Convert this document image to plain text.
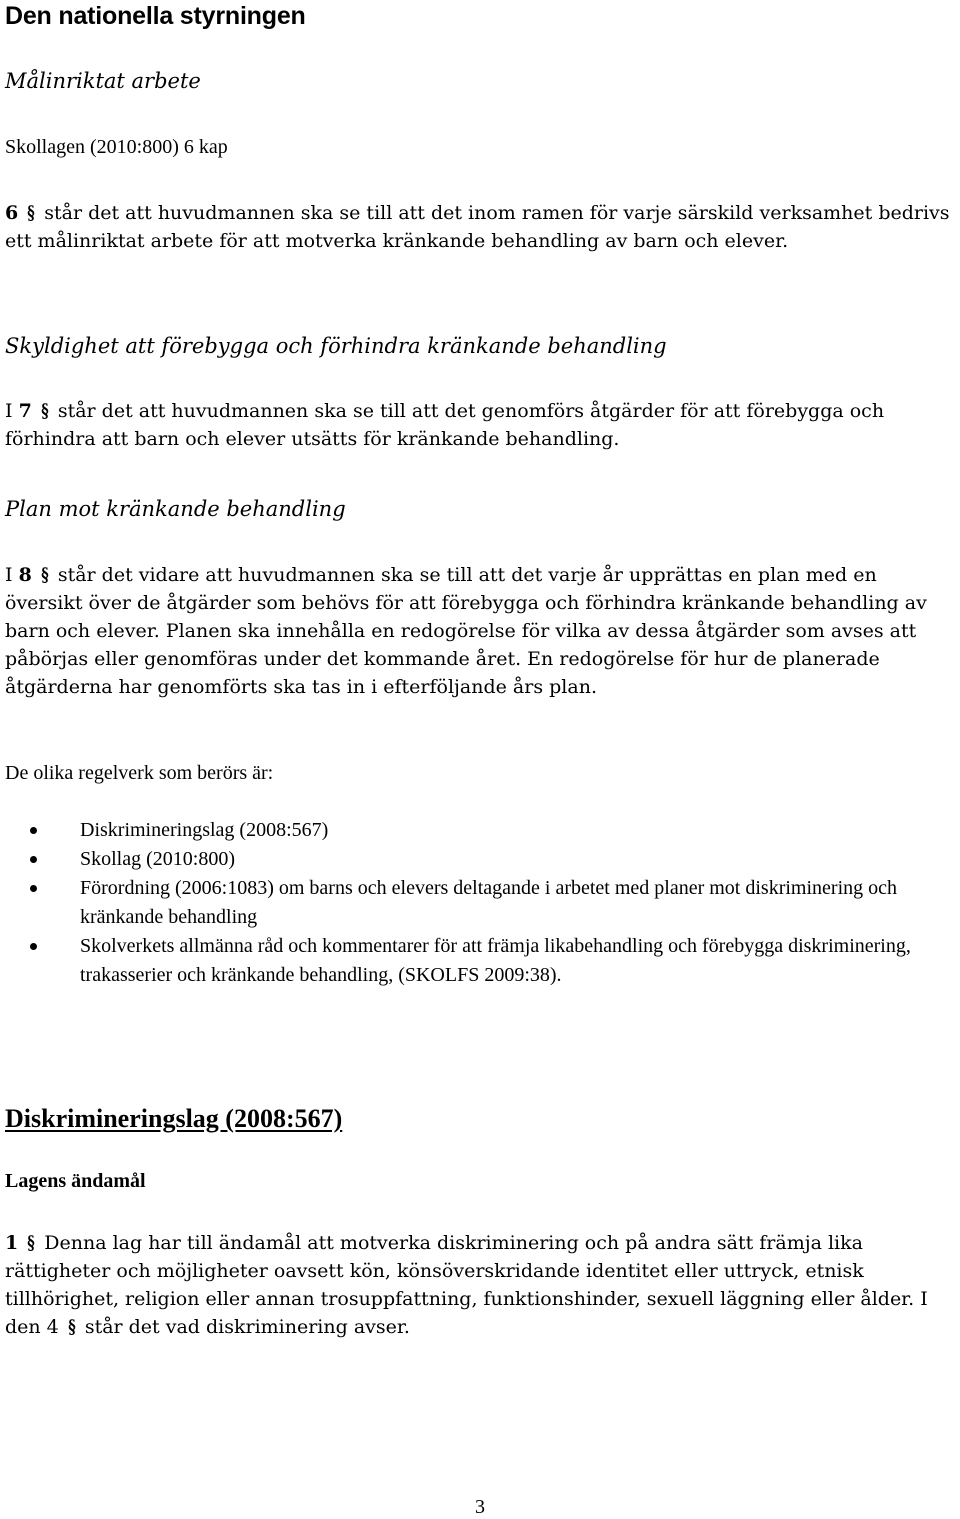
Den nationella styrningen
Målinriktat arbete

Skollagen (2010:800) 6 kap

6 § står det att huvudmannen ska se till att det inom ramen för varje särskild verksamhet bedrivs ett målinriktat arbete för att motverka kränkande behandling av barn och elever.

Skyldighet att förebygga och förhindra kränkande behandling

I 7 § står det att huvudmannen ska se till att det genomförs åtgärder för att förebygga och förhindra att barn och elever utsätts för kränkande behandling.

Plan mot kränkande behandling

I 8 § står det vidare att huvudmannen ska se till att det varje år upprättas en plan med en översikt över de åtgärder som behövs för att förebygga och förhindra kränkande behandling av barn och elever. Planen ska innehålla en redogörelse för vilka av dessa åtgärder som avses att påbörjas eller genomföras under det kommande året. En redogörelse för hur de planerade åtgärderna har genomförts ska tas in i efterföljande års plan.

De olika regelverk som berörs är:

Diskrimineringslag (2008:567)
Skollag (2010:800)
Förordning (2006:1083) om barns och elevers deltagande i arbetet med planer mot diskriminering och kränkande behandling
Skolverkets allmänna råd och kommentarer för att främja likabehandling och förebygga diskriminering, trakasserier och kränkande behandling, (SKOLFS 2009:38).
Diskrimineringslag (2008:567)
Lagens ändamål

1 § Denna lag har till ändamål att motverka diskriminering och på andra sätt främja lika rättigheter och möjligheter oavsett kön, könsöverskridande identitet eller uttryck, etnisk tillhörighet, religion eller annan trosuppfattning, funktionshinder, sexuell läggning eller ålder. I den 4 § står det vad diskriminering avser.

3
